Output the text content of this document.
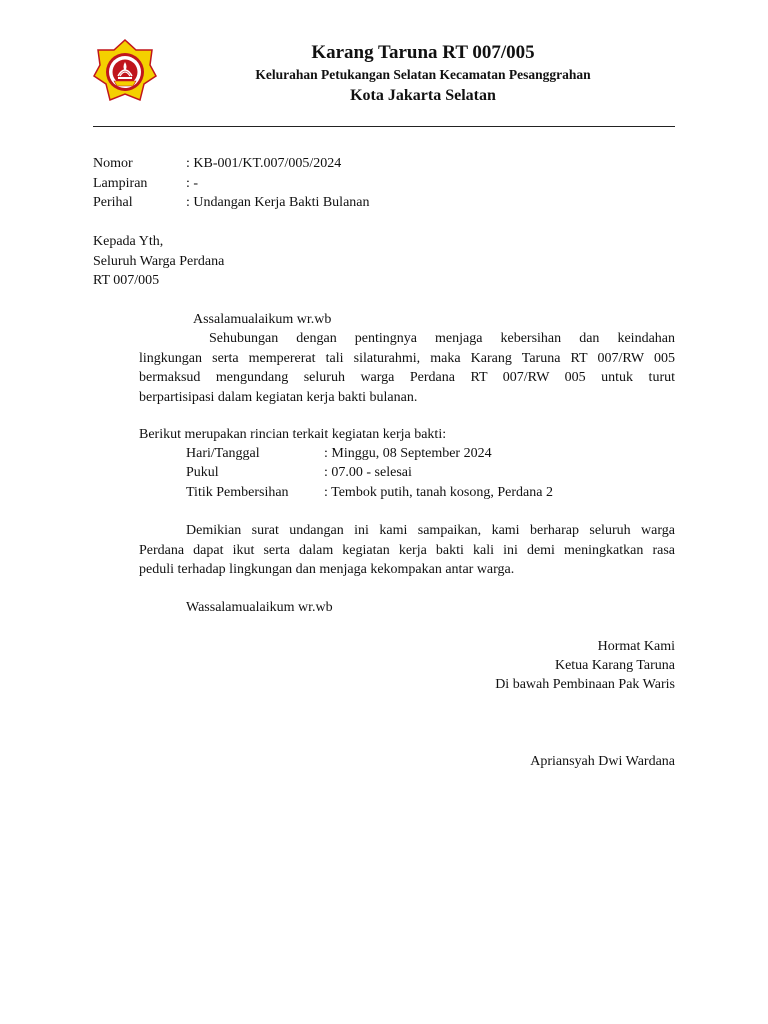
Karang Taruna RT 007/005
Kelurahan Petukangan Selatan Kecamatan Pesanggrahan
Kota Jakarta Selatan
Nomor	: KB-001/KT.007/005/2024
Lampiran	: -
Perihal	: Undangan Kerja Bakti Bulanan
Kepada Yth,
Seluruh Warga Perdana
RT 007/005
Assalamualaikum wr.wb
Sehubungan dengan pentingnya menjaga kebersihan dan keindahan
lingkungan serta mempererat tali silaturahmi, maka Karang Taruna RT 007/RW 005
bermaksud mengundang seluruh warga Perdana RT 007/RW 005 untuk turut
berpartisipasi dalam kegiatan kerja bakti bulanan.
Berikut merupakan rincian terkait kegiatan kerja bakti:
Hari/Tanggal	: Minggu, 08 September 2024
Pukul	: 07.00 - selesai
Titik Pembersihan	: Tembok putih, tanah kosong, Perdana 2
Demikian surat undangan ini kami sampaikan, kami berharap seluruh warga
Perdana dapat ikut serta dalam kegiatan kerja bakti kali ini demi meningkatkan rasa
peduli terhadap lingkungan dan menjaga kekompakan antar warga.
Wassalamualaikum wr.wb
Hormat Kami
Ketua Karang Taruna
Di bawah Pembinaan Pak Waris
Apriansyah Dwi Wardana
